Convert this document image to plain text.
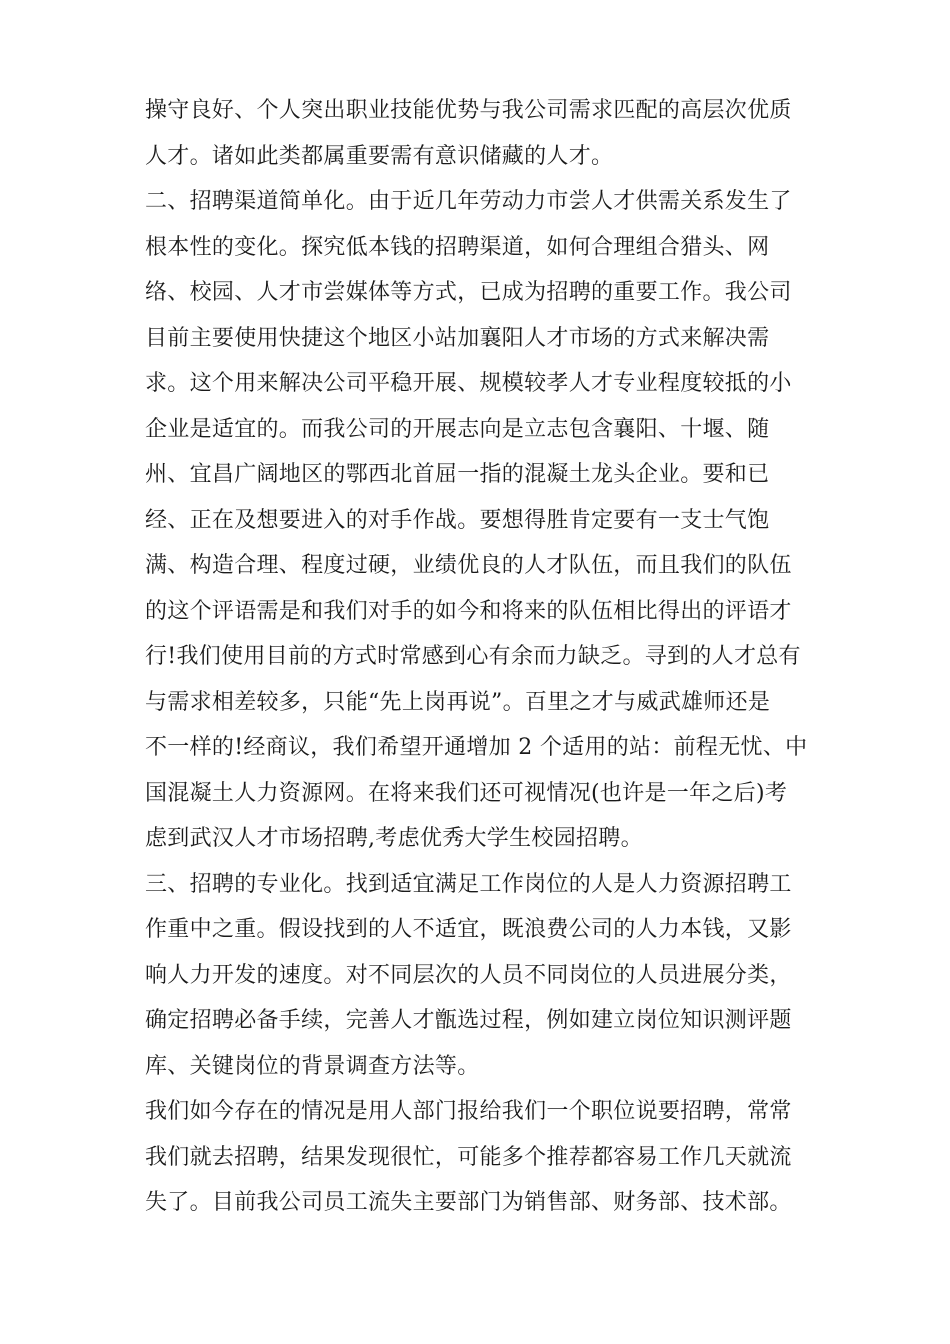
操守良好、个人突出职业技能优势与我公司需求匹配的高层次优质
人才。诸如此类都属重要需有意识储藏的人才。
二、招聘渠道简单化。由于近几年劳动力市尝人才供需关系发生了
根本性的变化。探究低本钱的招聘渠道，如何合理组合猎头、网
络、校园、人才市尝媒体等方式，已成为招聘的重要工作。我公司
目前主要使用快捷这个地区小站加襄阳人才市场的方式来解决需
求。这个用来解决公司平稳开展、规模较孝人才专业程度较抵的小
企业是适宜的。而我公司的开展志向是立志包含襄阳、十堰、随
州、宜昌广阔地区的鄂西北首屈一指的混凝土龙头企业。要和已
经、正在及想要进入的对手作战。要想得胜肯定要有一支士气饱
满、构造合理、程度过硬，业绩优良的人才队伍，而且我们的队伍
的这个评语需是和我们对手的如今和将来的队伍相比得出的评语才
行!我们使用目前的方式时常感到心有余而力缺乏。寻到的人才总有
与需求相差较多，只能“先上岗再说”。百里之才与威武雄师还是
不一样的!经商议，我们希望开通增加 2 个适用的站：前程无忧、中
国混凝土人力资源网。在将来我们还可视情况(也许是一年之后)考
虑到武汉人才市场招聘,考虑优秀大学生校园招聘。
三、招聘的专业化。找到适宜满足工作岗位的人是人力资源招聘工
作重中之重。假设找到的人不适宜，既浪费公司的人力本钱，又影
响人力开发的速度。对不同层次的人员不同岗位的人员进展分类，
确定招聘必备手续，完善人才甑选过程，例如建立岗位知识测评题
库、关键岗位的背景调查方法等。
我们如今存在的情况是用人部门报给我们一个职位说要招聘，常常
我们就去招聘，结果发现很忙，可能多个推荐都容易工作几天就流
失了。目前我公司员工流失主要部门为销售部、财务部、技术部。
